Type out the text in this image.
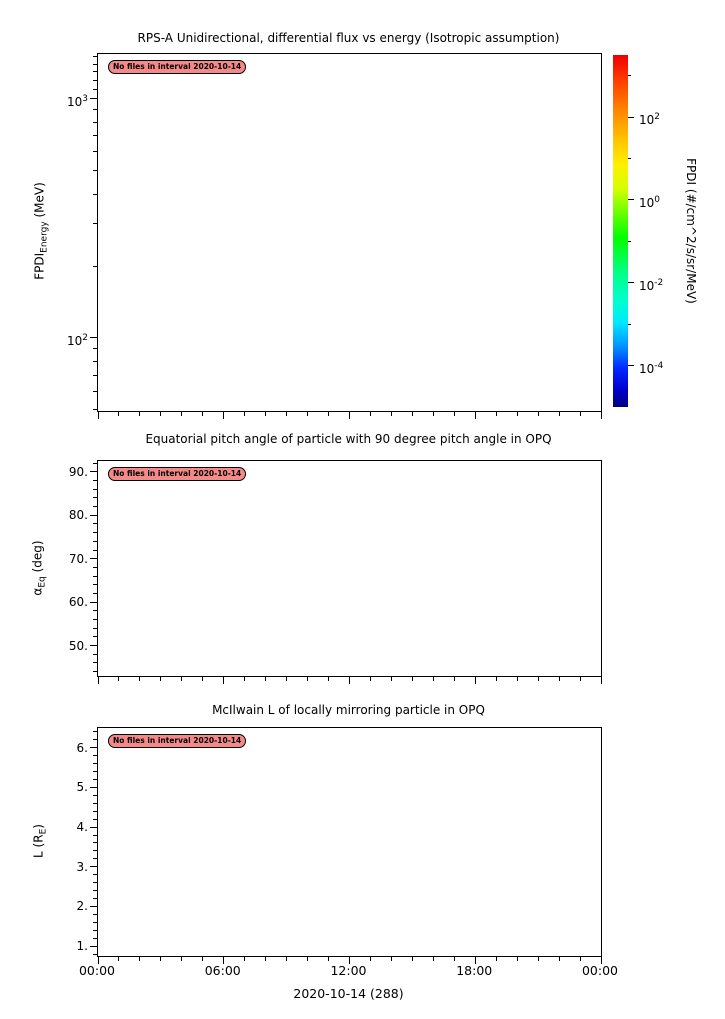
RPS-A Unidirectional, differential flux vs energy (Isotropic assumption)
No files in interval 2020-10-14
$10^3$
$10^2$
$FPDI_{Energy}$ (MeV)
$10^2$
$10^0$
$10^{-2}$
$10^{-4}$
FPDI (#/cm^2/s/sr/MeV)
Equatorial pitch angle of particle with 90 degree pitch angle in OPQ
No files in interval 2020-10-14
90.
80.
70.
60.
50.
$\alpha_{Eq}$ (deg)
McIlwain L of locally mirroring particle in OPQ
No files in interval 2020-10-14
6.
5.
4.
3.
2.
1.
L $(R_E)$
00:00	06:00	12:00	18:00	00:00
2020-10-14 (288)
